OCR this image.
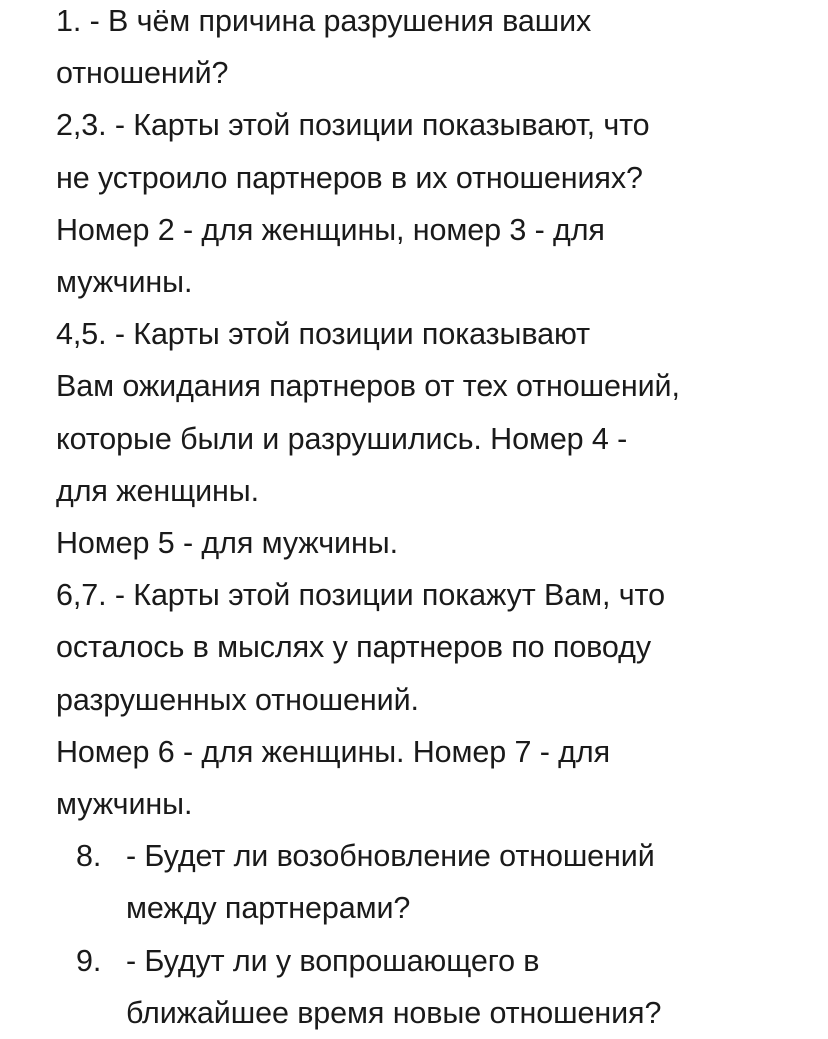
1. - В чём причина разрушения ваших
отношений?
2,3. - Карты этой позиции показывают, что
не устроило партнеров в их отношениях?
Номер 2 - для женщины, номер 3 - для
мужчины.
4,5. - Карты этой позиции показывают
Вам ожидания партнеров от тех отношений,
которые были и разрушились. Номер 4 -
для женщины.
Номер 5 - для мужчины.
6,7. - Карты этой позиции покажут Вам, что
осталось в мыслях у партнеров по поводу
разрушенных отношений.
Номер 6 - для женщины. Номер 7 - для
мужчины.
8. - Будет ли возобновление отношений
между партнерами?
9. - Будут ли у вопрошающего в
ближайшее время новые отношения?
